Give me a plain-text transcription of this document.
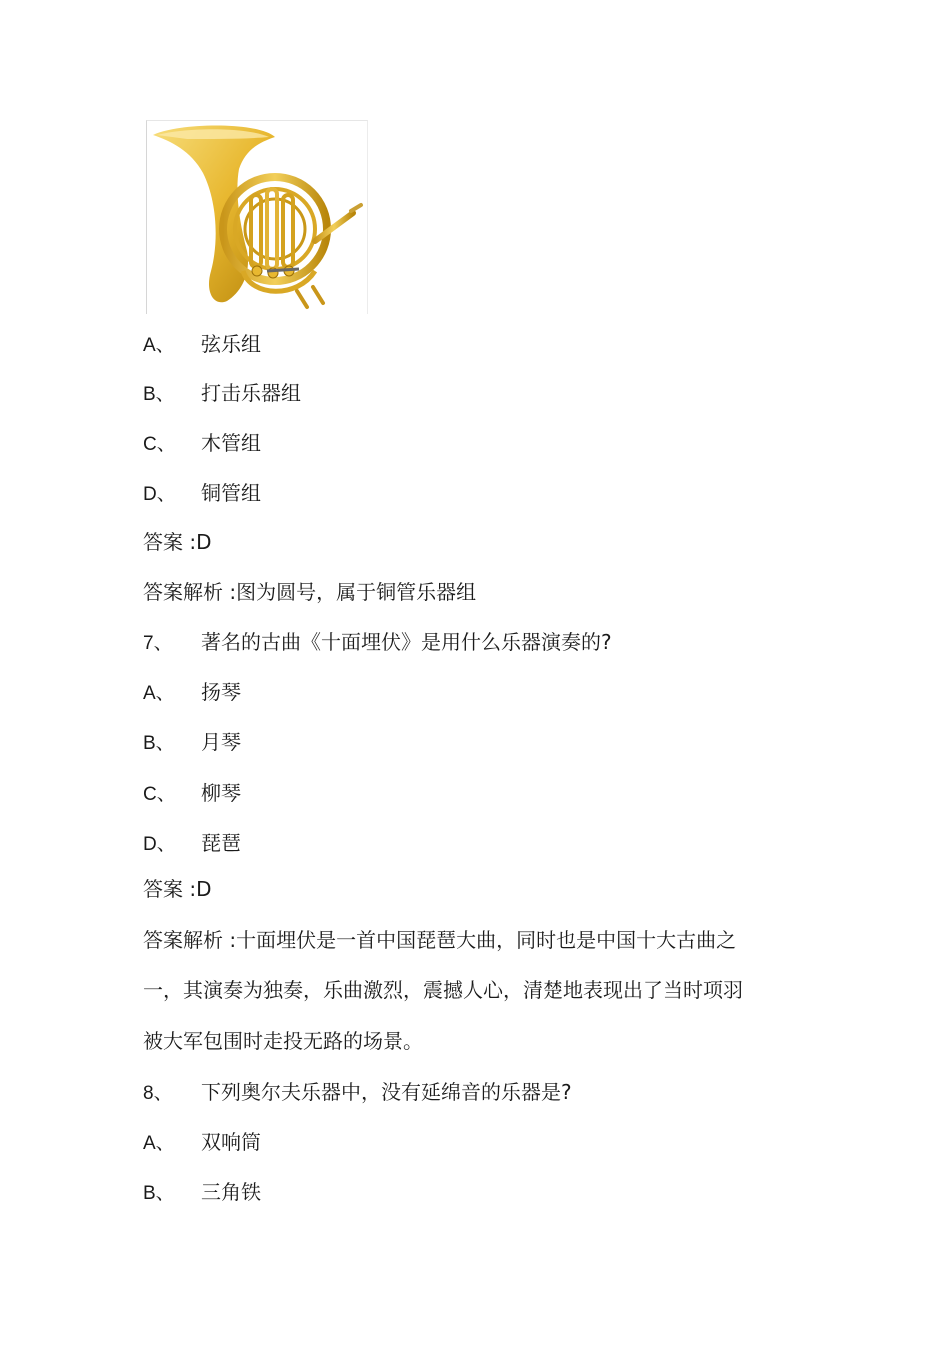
A、 弦乐组
B、 打击乐器组
C、 木管组
D、 铜管组
答案 :D
答案解析 :图为圆号，属于铜管乐器组
7、 著名的古曲《十面埋伏》是用什么乐器演奏的?
A、 扬琴
B、 月琴
C、 柳琴
D、 琵琶
答案 :D
答案解析 :十面埋伏是一首中国琵琶大曲，同时也是中国十大古曲之
一，其演奏为独奏，乐曲激烈，震撼人心，清楚地表现出了当时项羽
被大军包围时走投无路的场景。
8、 下列奥尔夫乐器中，没有延绵音的乐器是?
A、 双响筒
B、 三角铁
